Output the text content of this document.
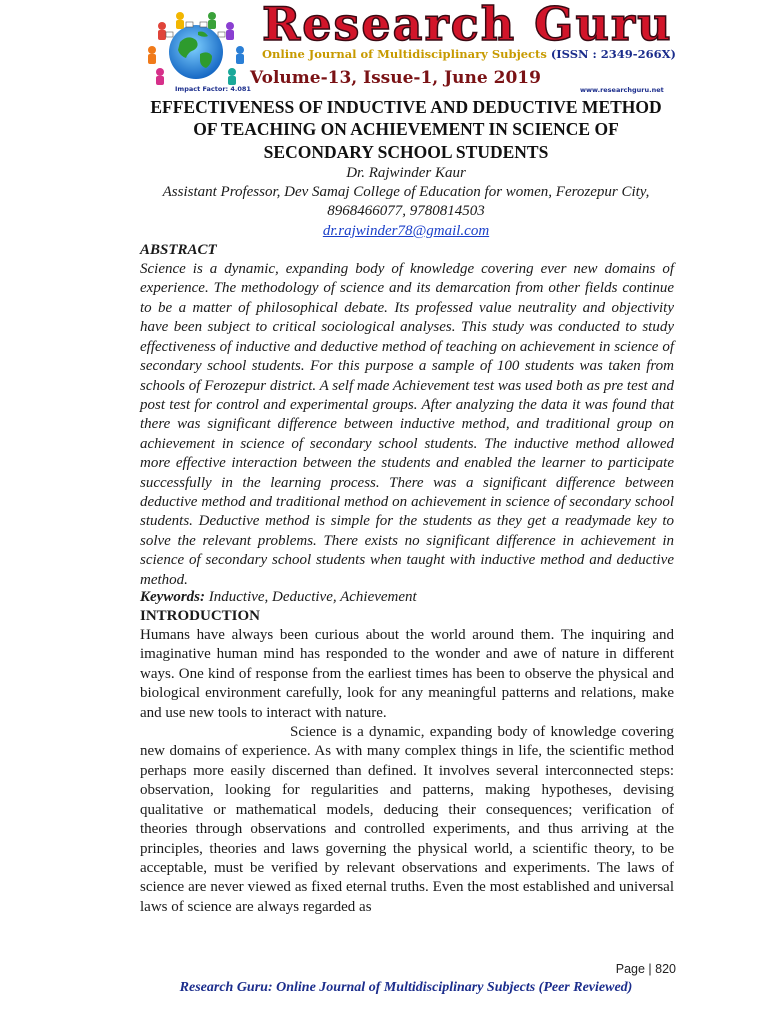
Research Guru
Online Journal of Multidisciplinary Subjects (ISSN : 2349-266X)
Volume-13, Issue-1, June 2019
Impact Factor: 4.081	www.researchguru.net
EFFECTIVENESS OF INDUCTIVE AND DEDUCTIVE METHOD
OF TEACHING ON ACHIEVEMENT IN SCIENCE OF
SECONDARY SCHOOL STUDENTS
Dr. Rajwinder Kaur
Assistant Professor, Dev Samaj College of Education for women, Ferozepur City,
8968466077, 9780814503
dr.rajwinder78@gmail.com
ABSTRACT

Science is a dynamic, expanding body of knowledge covering ever new domains of experience. The methodology of science and its demarcation from other fields continue to be a matter of philosophical debate. Its professed value neutrality and objectivity have been subject to critical sociological analyses. This study was conducted to study effectiveness of inductive and deductive method of teaching on achievement in science of secondary school students. For this purpose a sample of 100 students was taken from schools of Ferozepur district. A self made Achievement test was used both as pre test and post test for control and experimental groups. After analyzing the data it was found that there was significant difference between inductive method, and traditional group on achievement in science of secondary school students. The inductive method allowed more effective interaction between the students and enabled the learner to participate successfully in the learning process. There was a significant difference between deductive method and traditional method on achievement in science of secondary school students. Deductive method is simple for the students as they get a readymade key to solve the relevant problems. There exists no significant difference in achievement in science of secondary school students when taught with inductive method and deductive method.

Keywords: Inductive, Deductive, Achievement
INTRODUCTION

Humans have always been curious about the world around them. The inquiring and imaginative human mind has responded to the wonder and awe of nature in different ways. One kind of response from the earliest times has been to observe the physical and biological environment carefully, look for any meaningful patterns and relations, make and use new tools to interact with nature.

Science is a dynamic, expanding body of knowledge covering new domains of experience. As with many complex things in life, the scientific method perhaps more easily discerned than defined. It involves several interconnected steps: observation, looking for regularities and patterns, making hypotheses, devising qualitative or mathematical models, deducing their consequences; verification of theories through observations and controlled experiments, and thus arriving at the principles, theories and laws governing the physical world, a scientific theory, to be acceptable, must be verified by relevant observations and experiments. The laws of science are never viewed as fixed eternal truths. Even the most established and universal laws of science are always regarded as

Page | 820
Research Guru: Online Journal of Multidisciplinary Subjects (Peer Reviewed)
